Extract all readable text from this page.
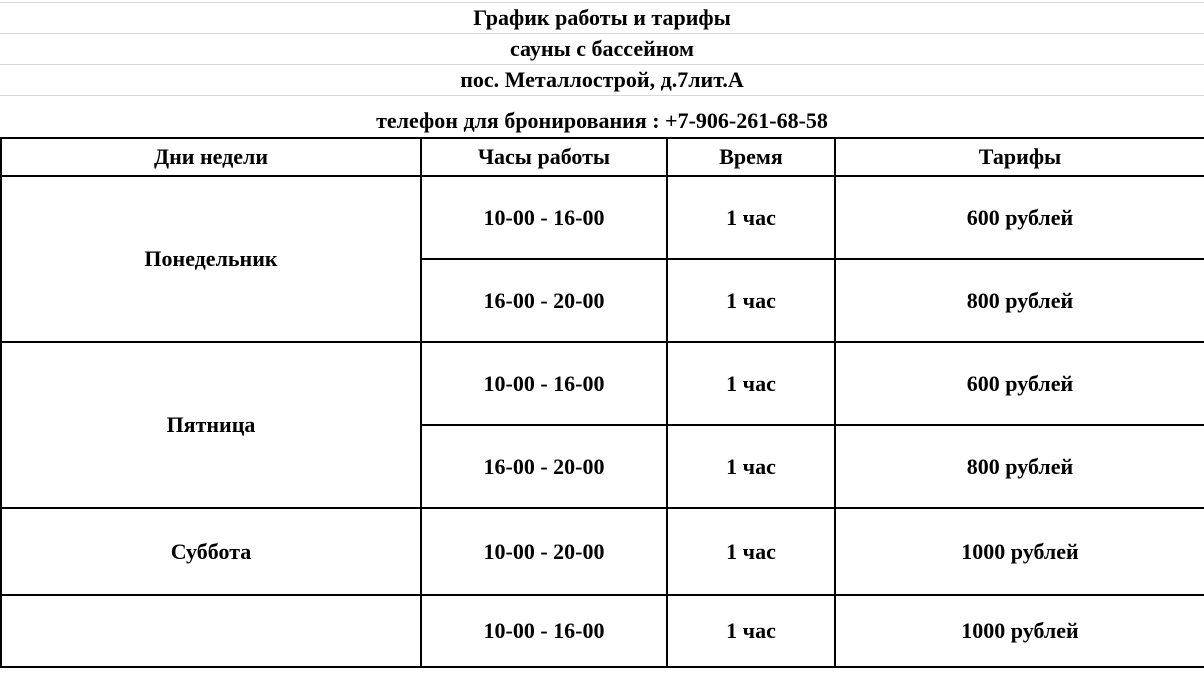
График работы и тарифы
сауны с бассейном
пос. Металлострой, д.7лит.А
телефон для бронирования : +7-906-261-68-58
Дни недели	Часы работы	Время	Тарифы
Понедельник	10-00 - 16-00	1 час	600 рублей
	16-00 - 20-00	1 час	800 рублей
Пятница	10-00 - 16-00	1 час	600 рублей
	16-00 - 20-00	1 час	800 рублей
Суббота	10-00 - 20-00	1 час	1000 рублей
	10-00 - 16-00	1 час	1000 рублей
